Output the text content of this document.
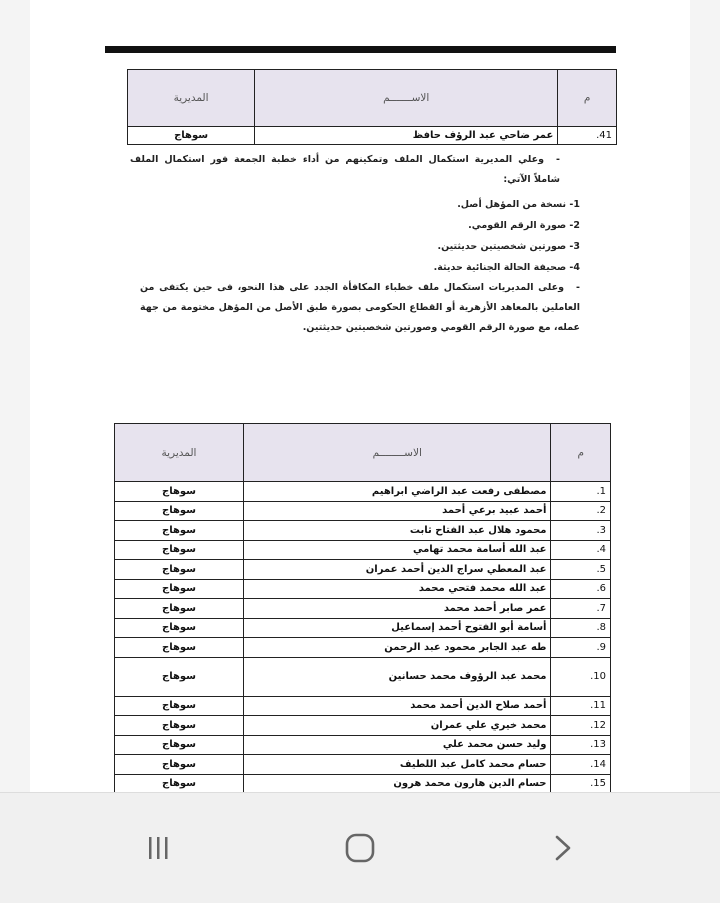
م	الاســـــــم	المديرية
41.	عمر ضاحي عبد الرؤف حافظ	سوهاج
-وعلي المديرية استكمال الملف وتمكينهم من أداء خطبة الجمعة فور استكمال الملف شاملاً الآتي:
1- نسخة من المؤهل أصل.
2- صورة الرقم القومي.
3- صورتين شخصيتين حديثتين.
4- صحيفة الحالة الجنائية حديثة.
-وعلى المديريات استكمال ملف خطباء المكافأة الجدد على هذا النحو، فى حين يكتفى من العاملين بالمعاهد الأزهرية أو القطاع الحكومى بصورة طبق الأصل من المؤهل مختومة من جهة عمله، مع صورة الرقم القومي وصورتين شخصيتين حديثتين.
م	الاســــــــم	المديرية
1.	مصطفى رفعت عبد الراضي ابراهيم	سوهاج
2.	أحمد عبيد برعي أحمد	سوهاج
3.	محمود هلال عبد الفتاح ثابت	سوهاج
4.	عبد الله أسامة محمد تهامي	سوهاج
5.	عبد المعطي سراج الدين أحمد عمران	سوهاج
6.	عبد الله محمد فتحي محمد	سوهاج
7.	عمر صابر أحمد محمد	سوهاج
8.	أسامة أبو الفتوح أحمد إسماعيل	سوهاج
9.	طه عبد الجابر محمود عبد الرحمن	سوهاج
10.	محمد عبد الرؤوف محمد حسانين	سوهاج
11.	أحمد صلاح الدين أحمد محمد	سوهاج
12.	محمد خيري علي عمران	سوهاج
13.	وليد حسن محمد علي	سوهاج
14.	حسام محمد كامل عبد اللطيف	سوهاج
15.	حسام الدين هارون محمد هرون	سوهاج
